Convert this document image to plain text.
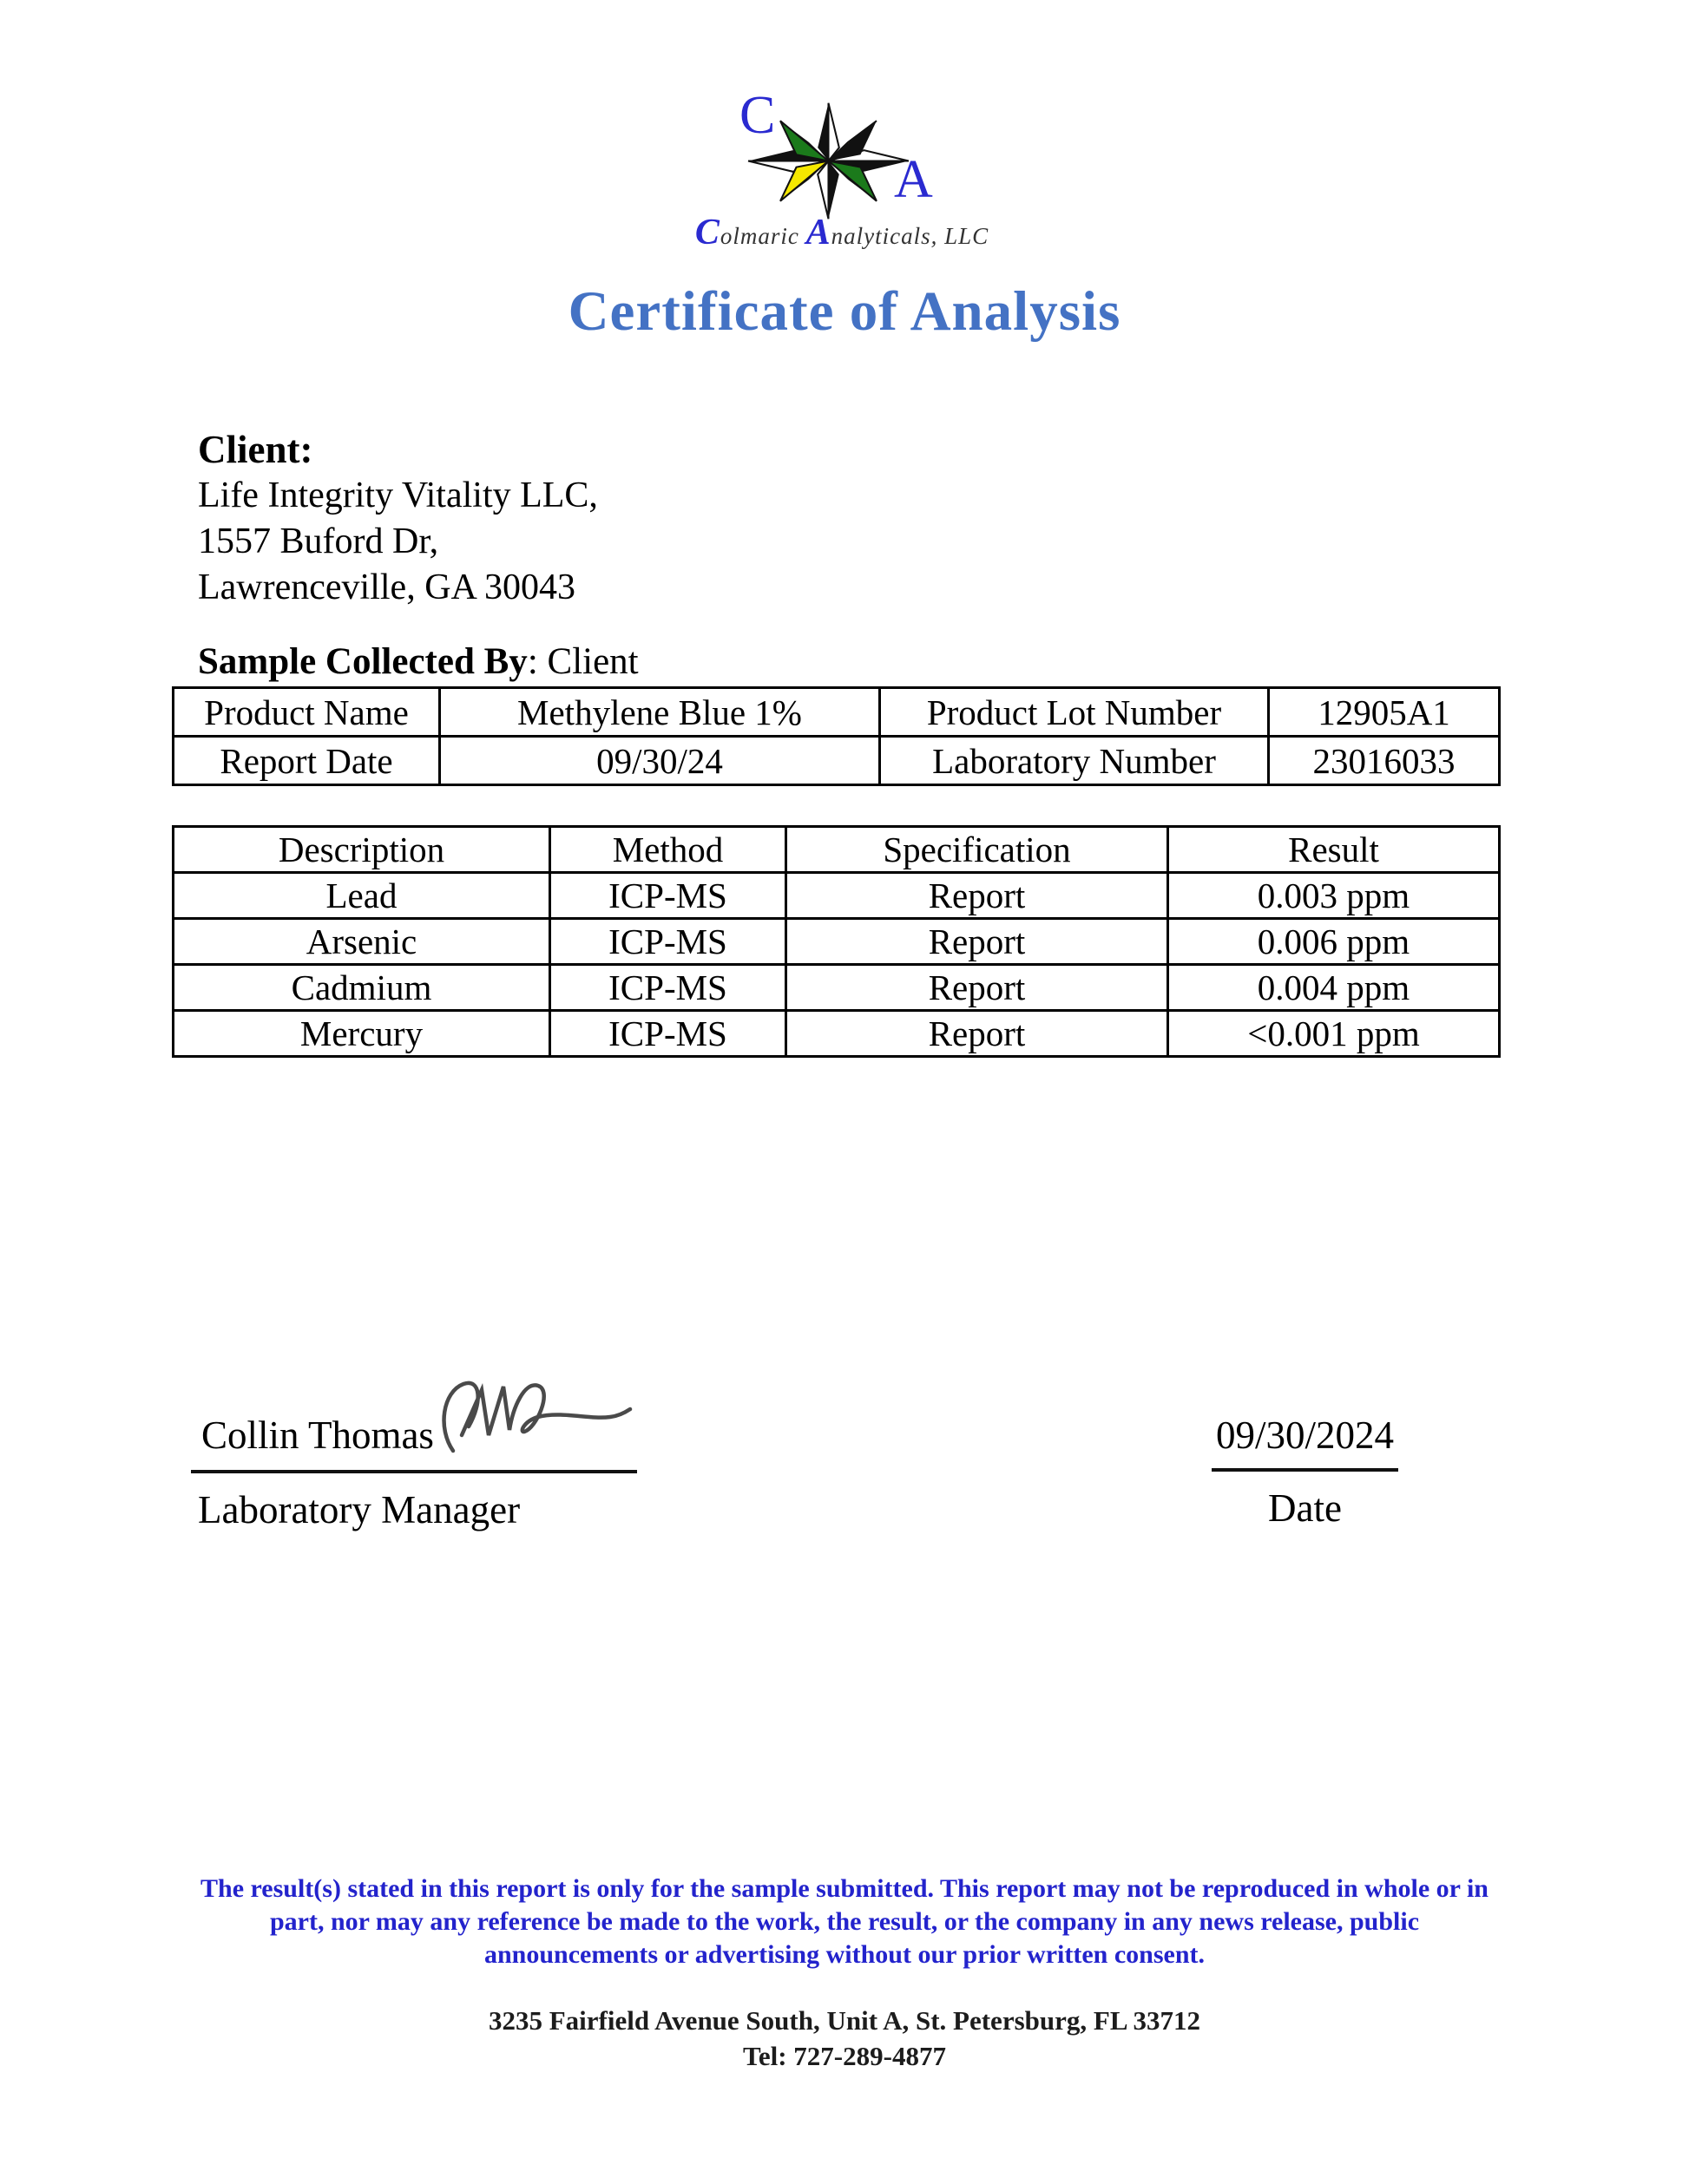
C
A
Colmaric Analyticals, LLC
Certificate of Analysis
Client:
Life Integrity Vitality LLC,
1557 Buford Dr,
Lawrenceville, GA 30043
Sample Collected By: Client
Product Name	Methylene Blue 1%	Product Lot Number	12905A1
Report Date	09/30/24	Laboratory Number	23016033
Description	Method	Specification	Result
Lead	ICP-MS	Report	0.003 ppm
Arsenic	ICP-MS	Report	0.006 ppm
Cadmium	ICP-MS	Report	0.004 ppm
Mercury	ICP-MS	Report	<0.001 ppm
Collin Thomas
Laboratory Manager
09/30/2024
Date
The result(s) stated in this report is only for the sample submitted. This report may not be reproduced in whole or in
part, nor may any reference be made to the work, the result, or the company in any news release, public
announcements or advertising without our prior written consent.
3235 Fairfield Avenue South, Unit A, St. Petersburg, FL 33712
Tel: 727-289-4877
